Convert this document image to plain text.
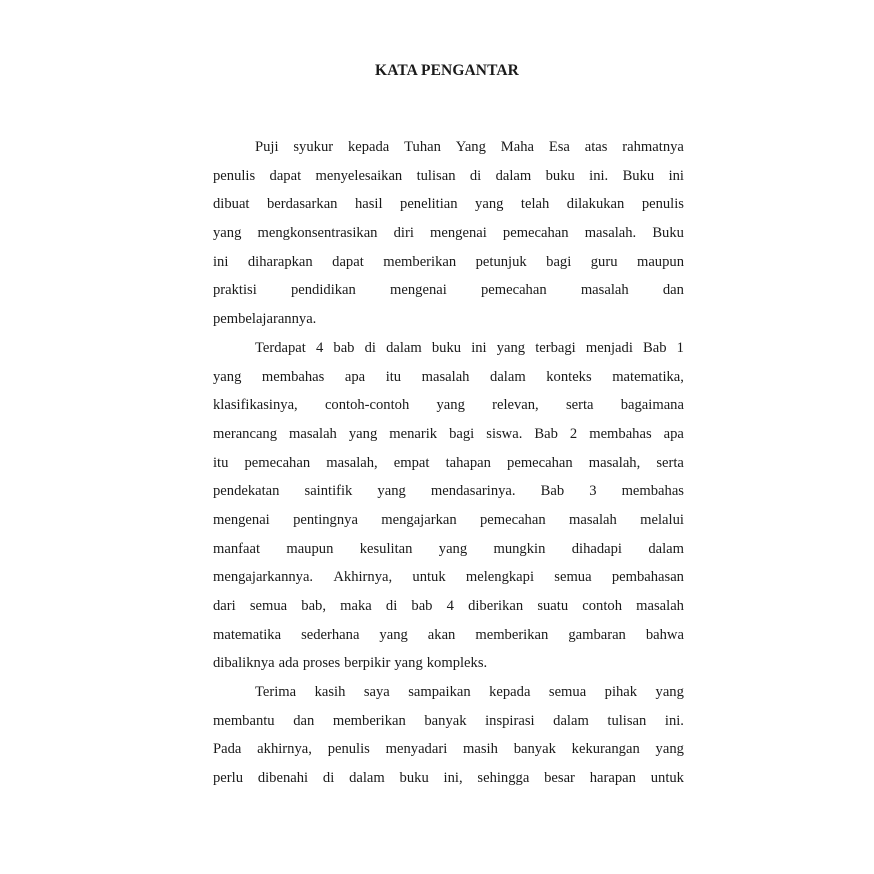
KATA PENGANTAR
Puji syukur kepada Tuhan Yang Maha Esa atas rahmatnya
penulis dapat menyelesaikan tulisan di dalam buku ini. Buku ini
dibuat berdasarkan hasil penelitian yang telah dilakukan penulis
yang mengkonsentrasikan diri mengenai pemecahan masalah. Buku
ini diharapkan dapat memberikan petunjuk bagi guru maupun
praktisi pendidikan mengenai pemecahan masalah dan
pembelajarannya.
Terdapat 4 bab di dalam buku ini yang terbagi menjadi Bab 1
yang membahas apa itu masalah dalam konteks matematika,
klasifikasinya, contoh-contoh yang relevan, serta bagaimana
merancang masalah yang menarik bagi siswa. Bab 2 membahas apa
itu pemecahan masalah, empat tahapan pemecahan masalah, serta
pendekatan saintifik yang mendasarinya. Bab 3 membahas
mengenai pentingnya mengajarkan pemecahan masalah melalui
manfaat maupun kesulitan yang mungkin dihadapi dalam
mengajarkannya. Akhirnya, untuk melengkapi semua pembahasan
dari semua bab, maka di bab 4 diberikan suatu contoh masalah
matematika sederhana yang akan memberikan gambaran bahwa
dibaliknya ada proses berpikir yang kompleks.
Terima kasih saya sampaikan kepada semua pihak yang
membantu dan memberikan banyak inspirasi dalam tulisan ini.
Pada akhirnya, penulis menyadari masih banyak kekurangan yang
perlu dibenahi di dalam buku ini, sehingga besar harapan untuk
